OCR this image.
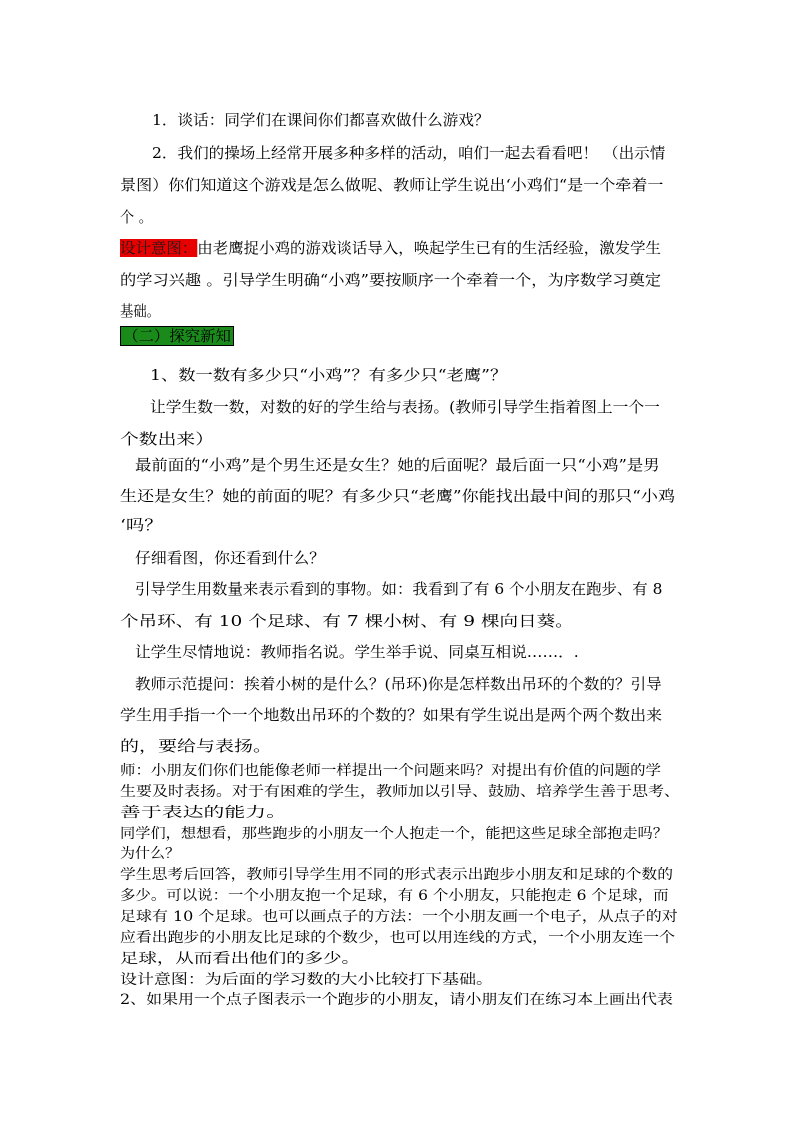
1．谈话：同学们在课间你们都喜欢做什么游戏？
2．我们的操场上经常开展多种多样的活动，咱们一起去看看吧！ （出示情
景图）你们知道这个游戏是怎么做呢、教师让学生说出‘小鸡们“是一个牵着一
个 。
设计意图：由老鹰捉小鸡的游戏谈话导入，唤起学生已有的生活经验，激发学生
的学习兴趣 。引导学生明确“小鸡”要按顺序一个牵着一个，为序数学习奠定
基础。
（二）探究新知
1、数一数有多少只“小鸡”？有多少只“老鹰”？
让学生数一数，对数的好的学生给与表扬。(教师引导学生指着图上一个一
个数出来）
最前面的“小鸡”是个男生还是女生？她的后面呢？最后面一只“小鸡”是男
生还是女生？她的前面的呢？有多少只“老鹰”你能找出最中间的那只“小鸡
‘吗？
仔细看图，你还看到什么？
引导学生用数量来表示看到的事物。如：我看到了有 6 个小朋友在跑步、有 8
个吊环、有 10 个足球、有 7 棵小树、有 9 棵向日葵。
让学生尽情地说：教师指名说。学生举手说、同桌互相说……．.
教师示范提问：挨着小树的是什么？(吊环)你是怎样数出吊环的个数的？引导
学生用手指一个一个地数出吊环的个数的？如果有学生说出是两个两个数出来
的，要给与表扬。
师：小朋友们你们也能像老师一样提出一个问题来吗？对提出有价值的问题的学
生要及时表扬。对于有困难的学生，教师加以引导、鼓励、培养学生善于思考、
善于表达的能力。
同学们，想想看，那些跑步的小朋友一个人抱走一个，能把这些足球全部抱走吗？
为什么？
学生思考后回答，教师引导学生用不同的形式表示出跑步小朋友和足球的个数的
多少。可以说：一个小朋友抱一个足球，有 6 个小朋友，只能抱走 6 个足球，而
足球有 10 个足球。也可以画点子的方法：一个小朋友画一个电子，从点子的对
应看出跑步的小朋友比足球的个数少，也可以用连线的方式，一个小朋友连一个
足球，从而看出他们的多少。
设计意图：为后面的学习数的大小比较打下基础。
2、如果用一个点子图表示一个跑步的小朋友，请小朋友们在练习本上画出代表
